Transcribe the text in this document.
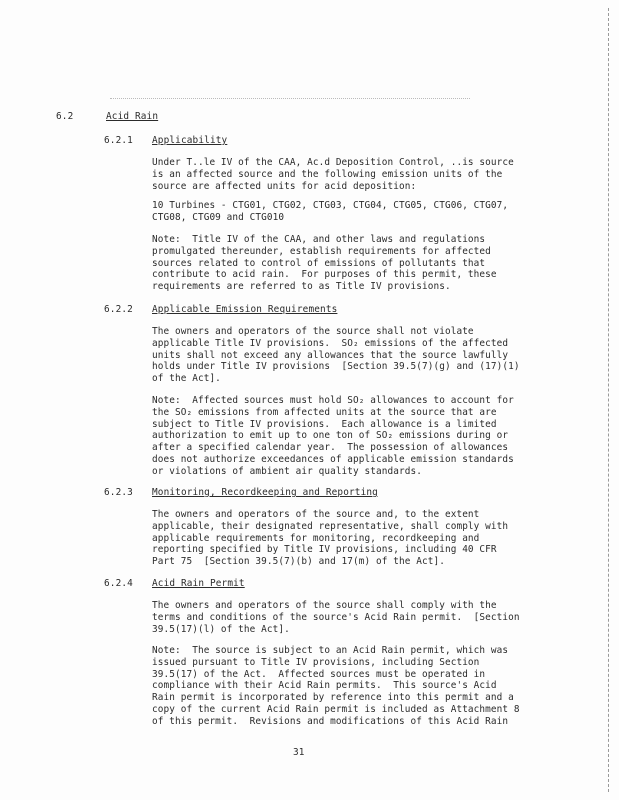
6.2	Acid Rain
6.2.1 Applicability
Under T..le IV of the CAA, Ac.d Deposition Control, ..is source
is an affected source and the following emission units of the
source are affected units for acid deposition:
10 Turbines - CTG01, CTG02, CTG03, CTG04, CTG05, CTG06, CTG07,
CTG08, CTG09 and CTG010
Note:  Title IV of the CAA, and other laws and regulations
promulgated thereunder, establish requirements for affected
sources related to control of emissions of pollutants that
contribute to acid rain.  For purposes of this permit, these
requirements are referred to as Title IV provisions.
6.2.2 Applicable Emission Requirements
The owners and operators of the source shall not violate
applicable Title IV provisions.  SO₂ emissions of the affected
units shall not exceed any allowances that the source lawfully
holds under Title IV provisions  [Section 39.5(7)(g) and (17)(1)
of the Act].
Note:  Affected sources must hold SO₂ allowances to account for
the SO₂ emissions from affected units at the source that are
subject to Title IV provisions.  Each allowance is a limited
authorization to emit up to one ton of SO₂ emissions during or
after a specified calendar year.  The possession of allowances
does not authorize exceedances of applicable emission standards
or violations of ambient air quality standards.
6.2.3 Monitoring, Recordkeeping and Reporting
The owners and operators of the source and, to the extent
applicable, their designated representative, shall comply with
applicable requirements for monitoring, recordkeeping and
reporting specified by Title IV provisions, including 40 CFR
Part 75  [Section 39.5(7)(b) and 17(m) of the Act].
6.2.4 Acid Rain Permit
The owners and operators of the source shall comply with the
terms and conditions of the source's Acid Rain permit.  [Section
39.5(17)(l) of the Act].
Note:  The source is subject to an Acid Rain permit, which was
issued pursuant to Title IV provisions, including Section
39.5(17) of the Act.  Affected sources must be operated in
compliance with their Acid Rain permits.  This source's Acid
Rain permit is incorporated by reference into this permit and a
copy of the current Acid Rain permit is included as Attachment 8
of this permit.  Revisions and modifications of this Acid Rain
31
